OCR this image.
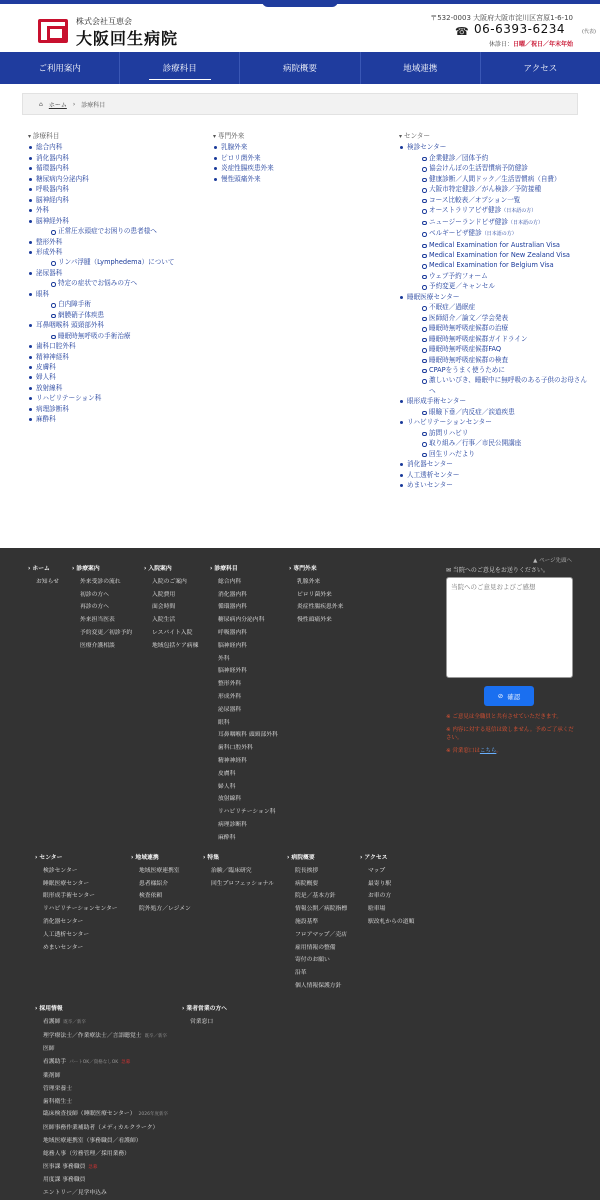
株式会社互恵会
大阪回生病院
〒532-0003 大阪府大阪市淀川区宮原1-6-10
☎ 06-6393-6234	(代表)
休診日：日曜／祝日／年末年始
ご利用案内	診療科目	病院概要	地域連携	アクセス
⌂ ホーム › 診療科目
▾ 診療科目
総合内科
消化器内科
循環器内科
糖尿病内分泌内科
呼吸器内科
脳神経内科
外科
脳神経外科
正常圧水頭症でお困りの患者様へ
整形外科
形成外科
リンパ浮腫（Lymphedema）について
泌尿器科
特定の症状でお悩みの方へ
眼科
白内障手術
網膜硝子体疾患
耳鼻咽喉科 頭頸部外科
睡眠時無呼吸の手術治療
歯科口腔外科
精神神経科
皮膚科
婦人科
放射線科
リハビリテーション科
病理診断科
麻酔科
▾ 専門外来
乳腺外来
ピロリ菌外来
炎症性腸疾患外来
慢性頭痛外来
▾ センター
検診センター
企業健診／団体予約
協会けんぽの生活習慣病予防健診
健康診断／人間ドック／生活習慣病（自費）
大阪市特定健診／がん検診／予防接種
コース比較表／オプション一覧
オーストラリアビザ健診（日本語の方）
ニュージーランドビザ健診（日本語の方）
ベルギービザ健診（日本語の方）
Medical Examination for Australian Visa
Medical Examination for New Zealand Visa
Medical Examination for Belgium Visa
ウェブ予約フォーム
予約変更／キャンセル
睡眠医療センター
不眠症／過眠症
医師紹介／論文／学会発表
睡眠時無呼吸症候群の治療
睡眠時無呼吸症候群ガイドライン
睡眠時無呼吸症候群FAQ
睡眠時無呼吸症候群の検査
CPAPをうまく使うために
激しいいびき、睡眠中に無呼吸のある子供のお母さんへ
眼形成手術センター
眼瞼下垂／内反症／涙道疾患
リハビリテーションセンター
訪問リハビリ
取り組み／行事／市民公開講座
回生リハだより
消化器センター
人工透析センター
めまいセンター
▲ ページ先頭へ
› ホーム
お知らせ
› 診療案内
外来受診の流れ
初診の方へ
再診の方へ
外来担当医表
予約変更／初診予約
医療介護相談
› 入院案内
入院のご案内
入院費用
面会時間
入院生活
レスパイト入院
地域包括ケア病棟
› 診療科目
総合内科
消化器内科
循環器内科
糖尿病内分泌内科
呼吸器内科
脳神経内科
外科
脳神経外科
整形外科
形成外科
泌尿器科
眼科
耳鼻咽喉科 頭頸部外科
歯科口腔外科
精神神経科
皮膚科
婦人科
放射線科
リハビリテーション科
病理診断科
麻酔科
› 専門外来
乳腺外来
ピロリ菌外来
炎症性腸疾患外来
慢性頭痛外来
› センター
検診センター
睡眠医療センター
眼形成手術センター
リハビリテーションセンター
消化器センター
人工透析センター
めまいセンター
› 地域連携
地域医療連携室
患者様紹介
検査依頼
院外処方／レジメン
› 特集
治験／臨床研究
回生プロフェッショナル
› 病院概要
院長挨拶
病院概要
院是／基本方針
情報公開／病院指標
施設基準
フロアマップ／売店
雇用情報の整備
寄付のお願い
沿革
個人情報保護方針
› アクセス
マップ
最寄り駅
お車の方
駐車場
駅改札からの道順
› 採用情報
看護師 既卒／新卒
理学療法士／作業療法士／言語聴覚士 既卒／新卒
医師
看護助手 パートOK／資格なしOK 急募
薬剤師
管理栄養士
歯科衛生士
臨床検査技師（睡眠医療センター） 2026年度新卒
医師事務作業補助者（メディカルクラーク）
地域医療連携室（事務職員／看護師）
総務人事（労務管理／採用業務）
医事課 事務職員 急募
用度課 事務職員
エントリー／見学申込み
› 業者営業の方へ
営業窓口
✉ 当院へのご意見をお送りください。
当院へのご意見およびご感想
⊘ 確認
※ ご意見は全職員と共有させていただきます。
※ 内容に対する返信は致しません。予めご了承ください。
※ 営業窓口はこちら。
